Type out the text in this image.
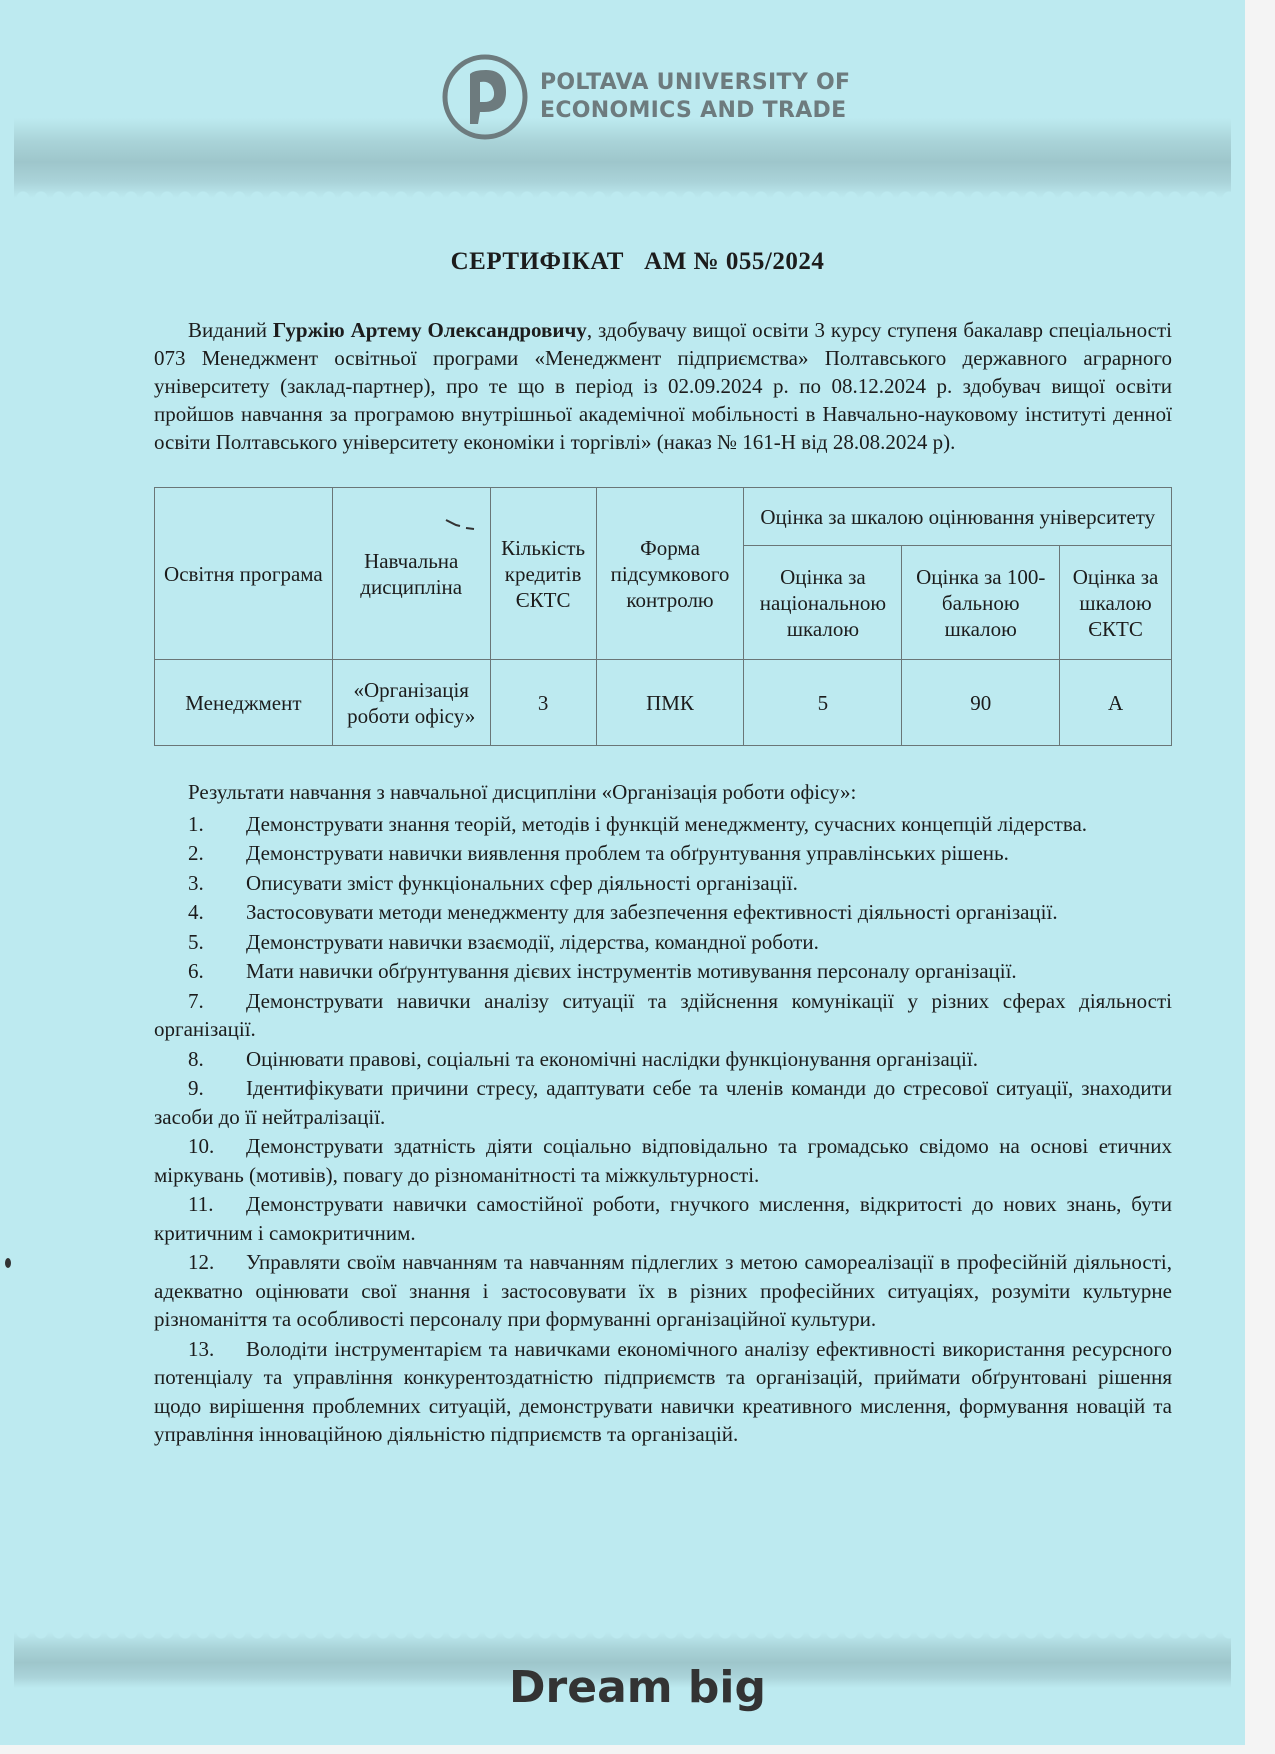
POLTAVA UNIVERSITY OF
ECONOMICS AND TRADE
СЕРТИФІКАТ   АМ № 055/2024

Виданий Гуржію Артему Олександровичу, здобувачу вищої освіти 3 курсу ступеня бакалавр спеціальності 073 Менеджмент освітньої програми «Менеджмент підприємства» Полтавського державного аграрного університету (заклад-партнер), про те що в період із 02.09.2024 р. по 08.12.2024 р. здобувач вищої освіти пройшов навчання за програмою внутрішньої академічної мобільності в Навчально-науковому інституті денної освіти Полтавського університету економіки і торгівлі» (наказ № 161-Н від 28.08.2024 р).

Освітня програма	Навчальна дисципліна	Кількість кредитів ЄКТС	Форма підсумкового контролю	Оцінка за шкалою оцінювання університету		
				Оцінка за національною шкалою	Оцінка за 100-бальною шкалою	Оцінка за шкалою ЄКТС
Менеджмент	«Організація роботи офісу»	3	ПМК	5	90	A

Результати навчання з навчальної дисципліни «Організація роботи офісу»:

1. Демонструвати знання теорій, методів і функцій менеджменту, сучасних концепцій лідерства.
2. Демонструвати навички виявлення проблем та обґрунтування управлінських рішень.
3. Описувати зміст функціональних сфер діяльності організації.
4. Застосовувати методи менеджменту для забезпечення ефективності діяльності організації.
5. Демонструвати навички взаємодії, лідерства, командної роботи.
6. Мати навички обґрунтування дієвих інструментів мотивування персоналу організації.
7. Демонструвати навички аналізу ситуації та здійснення комунікації у різних сферах діяльності організації.
8. Оцінювати правові, соціальні та економічні наслідки функціонування організації.
9. Ідентифікувати причини стресу, адаптувати себе та членів команди до стресової ситуації, знаходити засоби до її нейтралізації.
10. Демонструвати здатність діяти соціально відповідально та громадсько свідомо на основі етичних міркувань (мотивів), повагу до різноманітності та міжкультурності.
11. Демонструвати навички самостійної роботи, гнучкого мислення, відкритості до нових знань, бути критичним і самокритичним.
12. Управляти своїм навчанням та навчанням підлеглих з метою самореалізації в професійній діяльності, адекватно оцінювати свої знання і застосовувати їх в різних професійних ситуаціях, розуміти культурне різноманіття та особливості персоналу при формуванні організаційної культури.
13. Володіти інструментарієм та навичками економічного аналізу ефективності використання ресурсного потенціалу та управління конкурентоздатністю підприємств та організацій, приймати обґрунтовані рішення щодо вирішення проблемних ситуацій, демонструвати навички креативного мислення, формування новацій та управління інноваційною діяльністю підприємств та організацій.
Dream big
